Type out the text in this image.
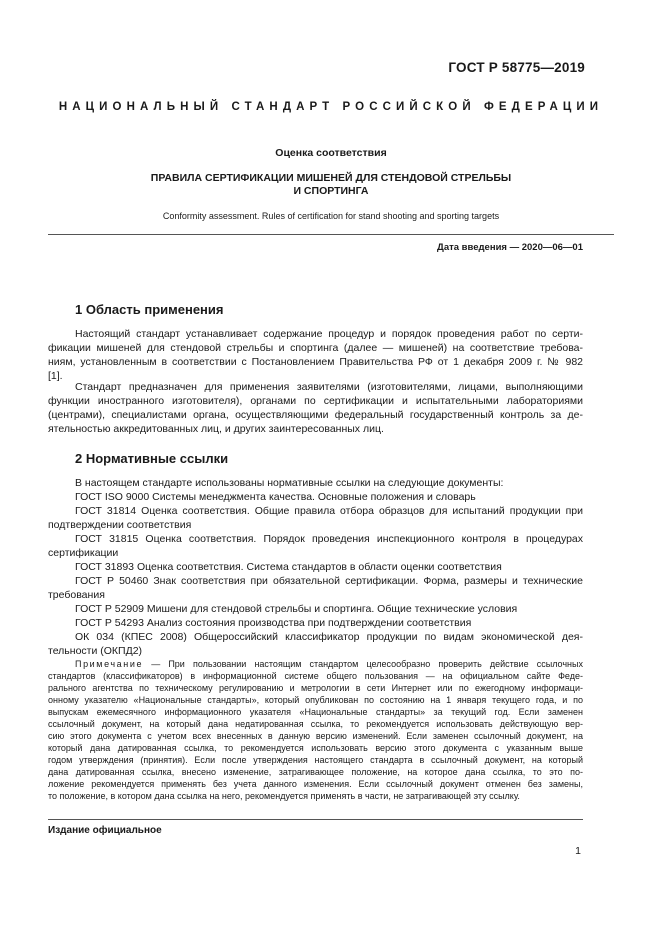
ГОСТ Р 58775—2019
НАЦИОНАЛЬНЫЙ СТАНДАРТ РОССИЙСКОЙ ФЕДЕРАЦИИ
Оценка соответствия
ПРАВИЛА СЕРТИФИКАЦИИ МИШЕНЕЙ ДЛЯ СТЕНДОВОЙ СТРЕЛЬБЫ
И СПОРТИНГА
Conformity assessment. Rules of certification for stand shooting and sporting targets
Дата введения — 2020—06—01
1 Область применения
Настоящий стандарт устанавливает содержание процедур и порядок проведения работ по серти-
фикации мишеней для стендовой стрельбы и спортинга (далее — мишеней) на соответствие требова-
ниям, установленным в соответствии с Постановлением Правительства РФ от 1 декабря 2009 г. № 982
[1].
Стандарт предназначен для применения заявителями (изготовителями, лицами, выполняющими
функции иностранного изготовителя), органами по сертификации и испытательными лабораториями
(центрами), специалистами органа, осуществляющими федеральный государственный контроль за де-
ятельностью аккредитованных лиц, и других заинтересованных лиц.
2 Нормативные ссылки
В настоящем стандарте использованы нормативные ссылки на следующие документы:
ГОСТ ISO 9000 Системы менеджмента качества. Основные положения и словарь
ГОСТ 31814 Оценка соответствия. Общие правила отбора образцов для испытаний продукции при
подтверждении соответствия
ГОСТ 31815 Оценка соответствия. Порядок проведения инспекционного контроля в процедурах
сертификации
ГОСТ 31893 Оценка соответствия. Система стандартов в области оценки соответствия
ГОСТ Р 50460 Знак соответствия при обязательной сертификации. Форма, размеры и технические
требования
ГОСТ Р 52909 Мишени для стендовой стрельбы и спортинга. Общие технические условия
ГОСТ Р 54293 Анализ состояния производства при подтверждении соответствия
ОК 034 (КПЕС 2008) Общероссийский классификатор продукции по видам экономической дея-
тельности (ОКПД2)
Примечание — При пользовании настоящим стандартом целесообразно проверить действие ссылочных
стандартов (классификаторов) в информационной системе общего пользования — на официальном сайте Феде-
рального агентства по техническому регулированию и метрологии в сети Интернет или по ежегодному информаци-
онному указателю «Национальные стандарты», который опубликован по состоянию на 1 января текущего года, и по
выпускам ежемесячного информационного указателя «Национальные стандарты» за текущий год. Если заменен
ссылочный документ, на который дана недатированная ссылка, то рекомендуется использовать действующую вер-
сию этого документа с учетом всех внесенных в данную версию изменений. Если заменен ссылочный документ, на
который дана датированная ссылка, то рекомендуется использовать версию этого документа с указанным выше
годом утверждения (принятия). Если после утверждения настоящего стандарта в ссылочный документ, на который
дана датированная ссылка, внесено изменение, затрагивающее положение, на которое дана ссылка, то это по-
ложение рекомендуется применять без учета данного изменения. Если ссылочный документ отменен без замены,
то положение, в котором дана ссылка на него, рекомендуется применять в части, не затрагивающей эту ссылку.
Издание официальное
1
